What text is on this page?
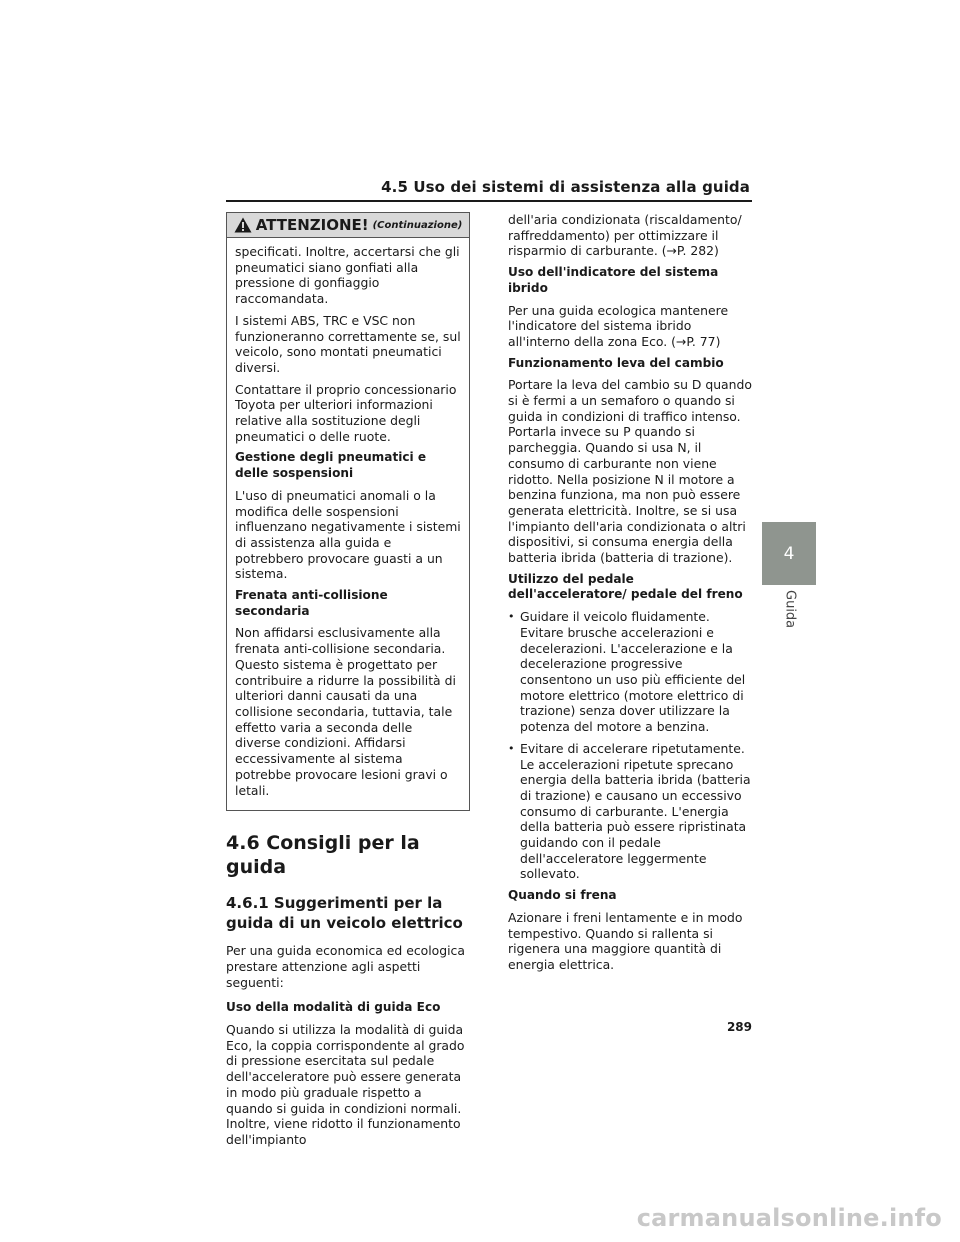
4.5 Uso dei sistemi di assistenza alla guida
4
Guida
ATTENZIONE! (Continuazione)

specificati. Inoltre, accertarsi che gli pneumatici siano gonfiati alla pressione di gonfiaggio raccomandata.

I sistemi ABS, TRC e VSC non funzioneranno correttamente se, sul veicolo, sono montati pneumatici diversi.

Contattare il proprio concessionario Toyota per ulteriori informazioni relative alla sostituzione degli pneumatici o delle ruote.

Gestione degli pneumatici e delle sospensioni

L'uso di pneumatici anomali o la modifica delle sospensioni influenzano negativamente i sistemi di assistenza alla guida e potrebbero provocare guasti a un sistema.

Frenata anti-collisione secondaria

Non affidarsi esclusivamente alla frenata anti-collisione secondaria. Questo sistema è progettato per contribuire a ridurre la possibilità di ulteriori danni causati da una collisione secondaria, tuttavia, tale effetto varia a seconda delle diverse condizioni. Affidarsi eccessivamente al sistema potrebbe provocare lesioni gravi o letali.

4.6 Consigli per la guida
4.6.1 Suggerimenti per la guida di un veicolo elettrico

Per una guida economica ed ecologica prestare attenzione agli aspetti seguenti:

Uso della modalità di guida Eco

Quando si utilizza la modalità di guida Eco, la coppia corrispondente al grado di pressione esercitata sul pedale dell'acceleratore può essere generata in modo più graduale rispetto a quando si guida in condizioni normali. Inoltre, viene ridotto il funzionamento dell'impianto

dell'aria condizionata (riscaldamento/ raffreddamento) per ottimizzare il risparmio di carburante. (→P. 282)

Uso dell'indicatore del sistema ibrido

Per una guida ecologica mantenere l'indicatore del sistema ibrido all'interno della zona Eco. (→P. 77)

Funzionamento leva del cambio

Portare la leva del cambio su D quando si è fermi a un semaforo o quando si guida in condizioni di traffico intenso. Portarla invece su P quando si parcheggia. Quando si usa N, il consumo di carburante non viene ridotto. Nella posizione N il motore a benzina funziona, ma non può essere generata elettricità. Inoltre, se si usa l'impianto dell'aria condizionata o altri dispositivi, si consuma energia della batteria ibrida (batteria di trazione).

Utilizzo del pedale dell'acceleratore/ pedale del freno
• Guidare il veicolo fluidamente. Evitare brusche accelerazioni e decelerazioni. L'accelerazione e la decelerazione progressive consentono un uso più efficiente del motore elettrico (motore elettrico di trazione) senza dover utilizzare la potenza del motore a benzina.
• Evitare di accelerare ripetutamente. Le accelerazioni ripetute sprecano energia della batteria ibrida (batteria di trazione) e causano un eccessivo consumo di carburante. L'energia della batteria può essere ripristinata guidando con il pedale dell'acceleratore leggermente sollevato.
Quando si frena

Azionare i freni lentamente e in modo tempestivo. Quando si rallenta si rigenera una maggiore quantità di energia elettrica.

289
carmanualsonline.info
